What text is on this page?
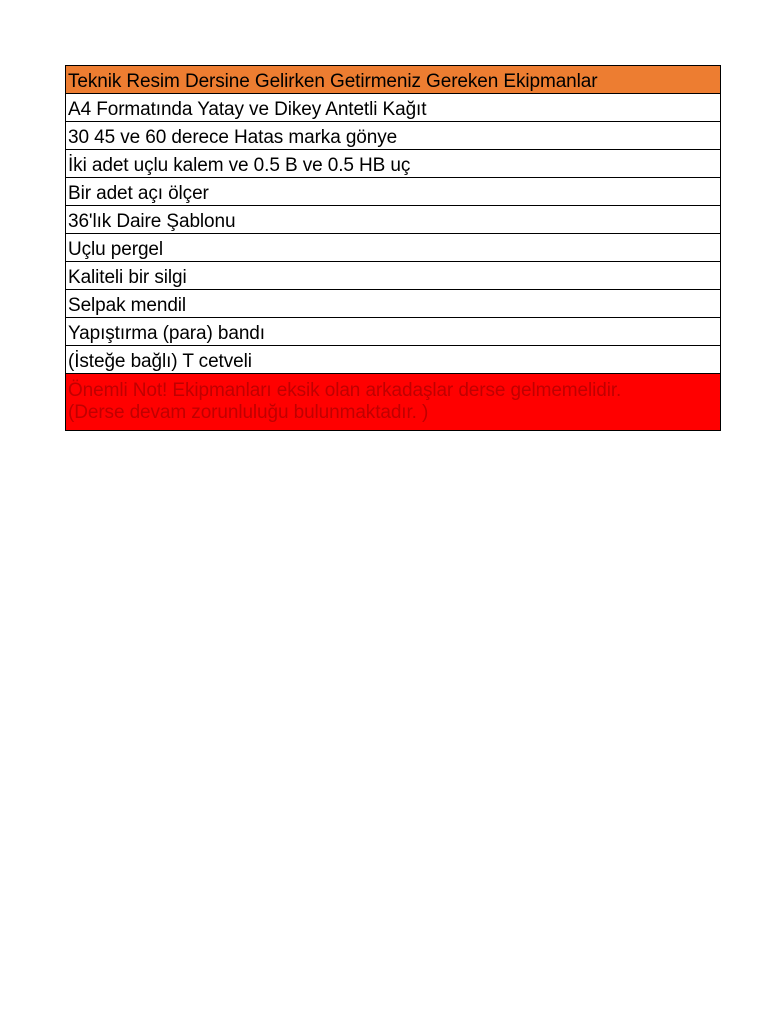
Teknik Resim Dersine Gelirken Getirmeniz Gereken Ekipmanlar
A4 Formatında Yatay ve Dikey Antetli Kağıt
30 45 ve 60 derece Hatas marka gönye
İki adet uçlu kalem ve 0.5 B ve 0.5 HB uç
Bir adet açı ölçer
36'lık Daire Şablonu
Uçlu pergel
Kaliteli bir silgi
Selpak mendil
Yapıştırma (para) bandı
(İsteğe bağlı) T cetveli

Önemli Not! Ekipmanları eksik olan arkadaşlar derse gelmemelidir.
(Derse devam zorunluluğu bulunmaktadır. )
